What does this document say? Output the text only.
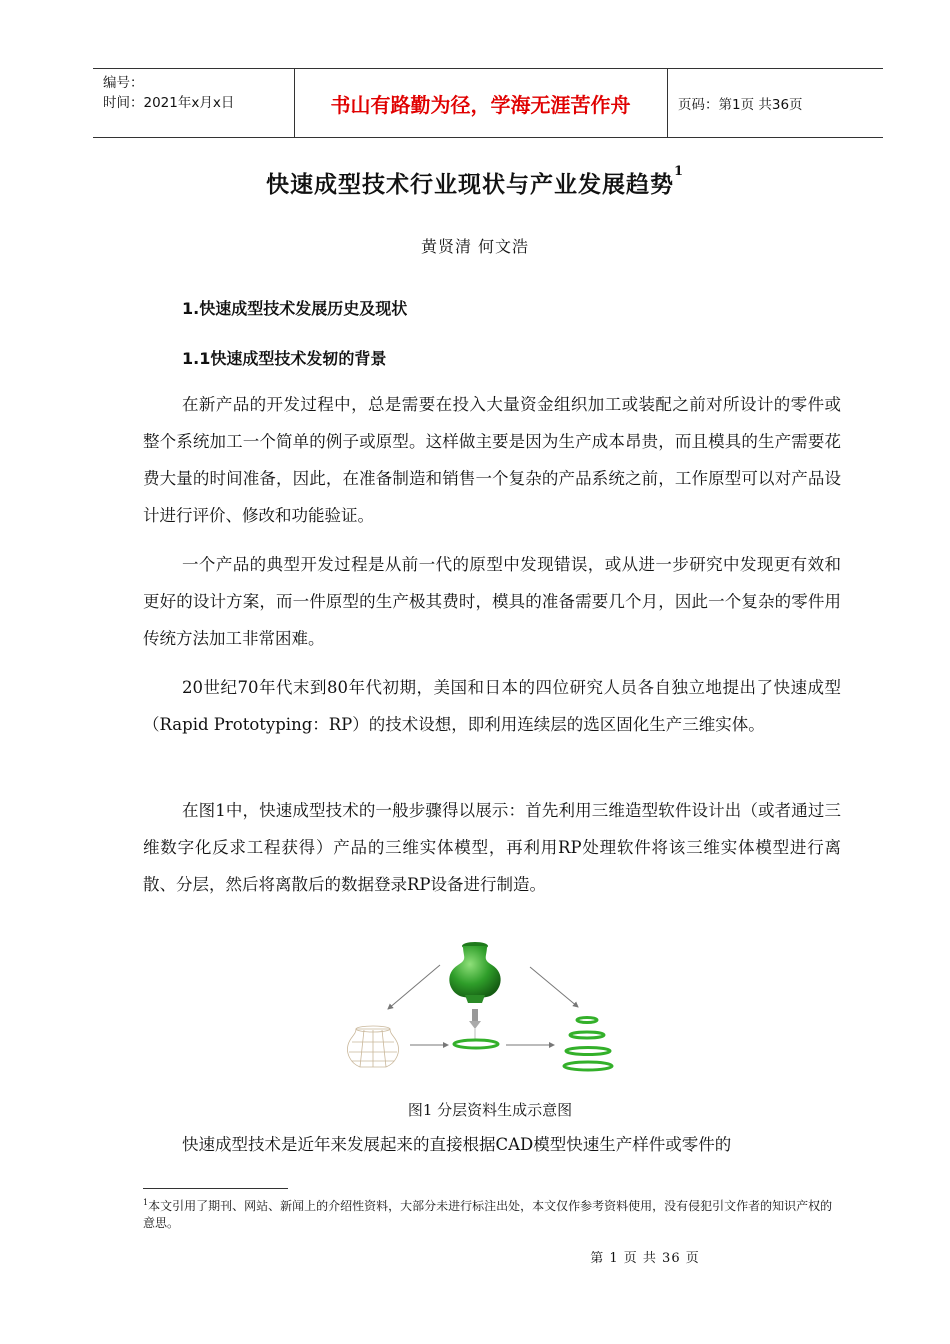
编号：
时间：2021年x月x日	书山有路勤为径，学海无涯苦作舟	页码：第1页 共36页
快速成型技术行业现状与产业发展趋势$^1$
黄贤清 何文浩
1.快速成型技术发展历史及现状
1.1快速成型技术发轫的背景

在新产品的开发过程中，总是需要在投入大量资金组织加工或装配之前对所设计的零件或整个系统加工一个简单的例子或原型。这样做主要是因为生产成本昂贵，而且模具的生产需要花费大量的时间准备，因此，在准备制造和销售一个复杂的产品系统之前，工作原型可以对产品设计进行评价、修改和功能验证。

一个产品的典型开发过程是从前一代的原型中发现错误，或从进一步研究中发现更有效和更好的设计方案，而一件原型的生产极其费时，模具的准备需要几个月，因此一个复杂的零件用传统方法加工非常困难。

20世纪70年代末到80年代初期，美国和日本的四位研究人员各自独立地提出了快速成型（Rapid Prototyping：RP）的技术设想，即利用连续层的选区固化生产三维实体。

在图1中，快速成型技术的一般步骤得以展示：首先利用三维造型软件设计出（或者通过三维数字化反求工程获得）产品的三维实体模型，再利用RP处理软件将该三维实体模型进行离散、分层，然后将离散后的数据登录RP设备进行制造。

图1 分层资料生成示意图

快速成型技术是近年来发展起来的直接根据CAD模型快速生产样件或零件的

$^1$本文引用了期刊、网站、新闻上的介绍性资料，大部分未进行标注出处，本文仅作参考资料使用，没有侵犯引文作者的知识产权的意思。

第 1 页 共 36 页
